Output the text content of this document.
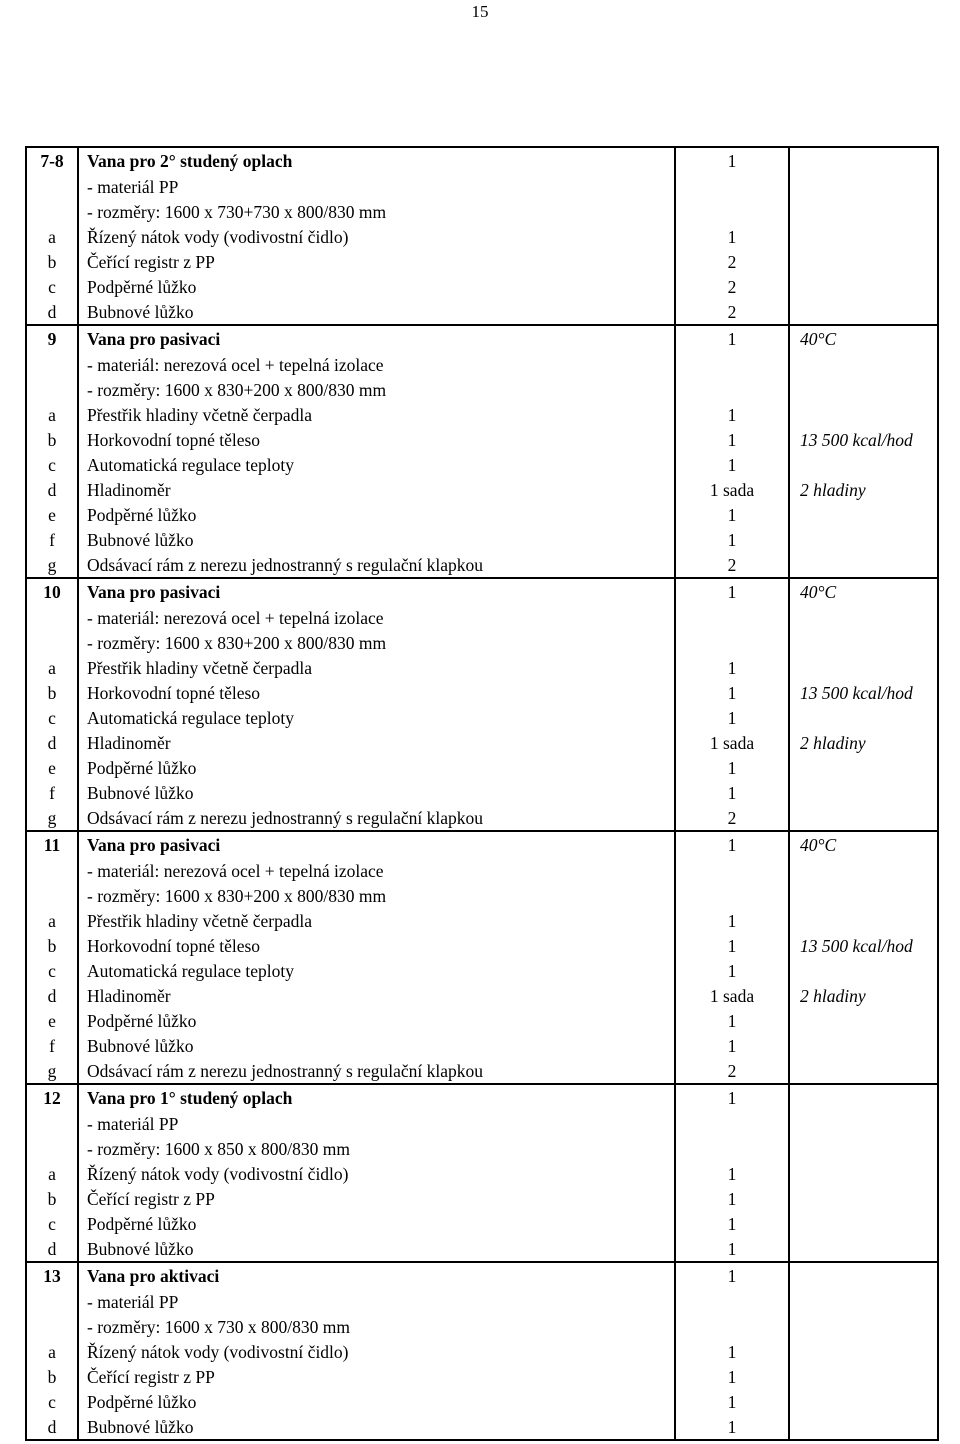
15
7-8	Vana pro 2° studený oplach	1	
	- materiál PP		
	- rozměry: 1600 x 730+730 x 800/830 mm		
a	Řízený nátok vody (vodivostní čidlo)	1	
b	Čeřící registr z PP	2	
c	Podpěrné lůžko	2	
d	Bubnové lůžko	2	
9	Vana pro pasivaci	1	40°C
	- materiál: nerezová ocel + tepelná izolace		
	- rozměry: 1600 x 830+200 x 800/830 mm		
a	Přestřik hladiny včetně čerpadla	1	
b	Horkovodní topné těleso	1	13 500 kcal/hod
c	Automatická regulace teploty	1	
d	Hladinoměr	1 sada	2 hladiny
e	Podpěrné lůžko	1	
f	Bubnové lůžko	1	
g	Odsávací rám z nerezu jednostranný s regulační klapkou	2	
10	Vana pro pasivaci	1	40°C
	- materiál: nerezová ocel + tepelná izolace		
	- rozměry: 1600 x 830+200 x 800/830 mm		
a	Přestřik hladiny včetně čerpadla	1	
b	Horkovodní topné těleso	1	13 500 kcal/hod
c	Automatická regulace teploty	1	
d	Hladinoměr	1 sada	2 hladiny
e	Podpěrné lůžko	1	
f	Bubnové lůžko	1	
g	Odsávací rám z nerezu jednostranný s regulační klapkou	2	
11	Vana pro pasivaci	1	40°C
	- materiál: nerezová ocel + tepelná izolace		
	- rozměry: 1600 x 830+200 x 800/830 mm		
a	Přestřik hladiny včetně čerpadla	1	
b	Horkovodní topné těleso	1	13 500 kcal/hod
c	Automatická regulace teploty	1	
d	Hladinoměr	1 sada	2 hladiny
e	Podpěrné lůžko	1	
f	Bubnové lůžko	1	
g	Odsávací rám z nerezu jednostranný s regulační klapkou	2	
12	Vana pro 1° studený oplach	1	
	- materiál PP		
	- rozměry: 1600 x 850 x 800/830 mm		
a	Řízený nátok vody (vodivostní čidlo)	1	
b	Čeřící registr z PP	1	
c	Podpěrné lůžko	1	
d	Bubnové lůžko	1	
13	Vana pro aktivaci	1	
	- materiál PP		
	- rozměry: 1600 x 730 x 800/830 mm		
a	Řízený nátok vody (vodivostní čidlo)	1	
b	Čeřící registr z PP	1	
c	Podpěrné lůžko	1	
d	Bubnové lůžko	1	
